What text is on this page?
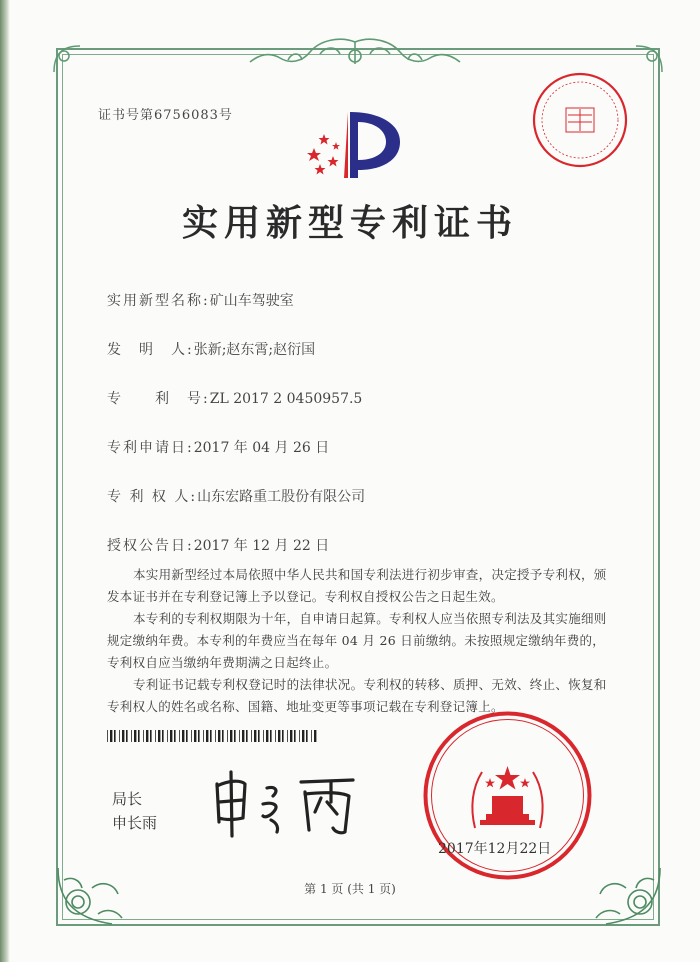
证书号第6756083号
实用新型专利证书
实用新型名称:矿山车驾驶室
发　明　人:张新;赵东霄;赵衍国
专　　利　号:ZL 2017 2 0450957.5
专利申请日:2017 年 04 月 26 日
专 利 权 人:山东宏路重工股份有限公司
授权公告日:2017 年 12 月 22 日

本实用新型经过本局依照中华人民共和国专利法进行初步审查，决定授予专利权，颁发本证书并在专利登记簿上予以登记。专利权自授权公告之日起生效。

本专利的专利权期限为十年，自申请日起算。专利权人应当依照专利法及其实施细则规定缴纳年费。本专利的年费应当在每年 04 月 26 日前缴纳。未按照规定缴纳年费的，专利权自应当缴纳年费期满之日起终止。

专利证书记载专利权登记时的法律状况。专利权的转移、质押、无效、终止、恢复和专利权人的姓名或名称、国籍、地址变更等事项记载在专利登记簿上。

局长
申长雨
2017年12月22日
第 1 页 (共 1 页)
